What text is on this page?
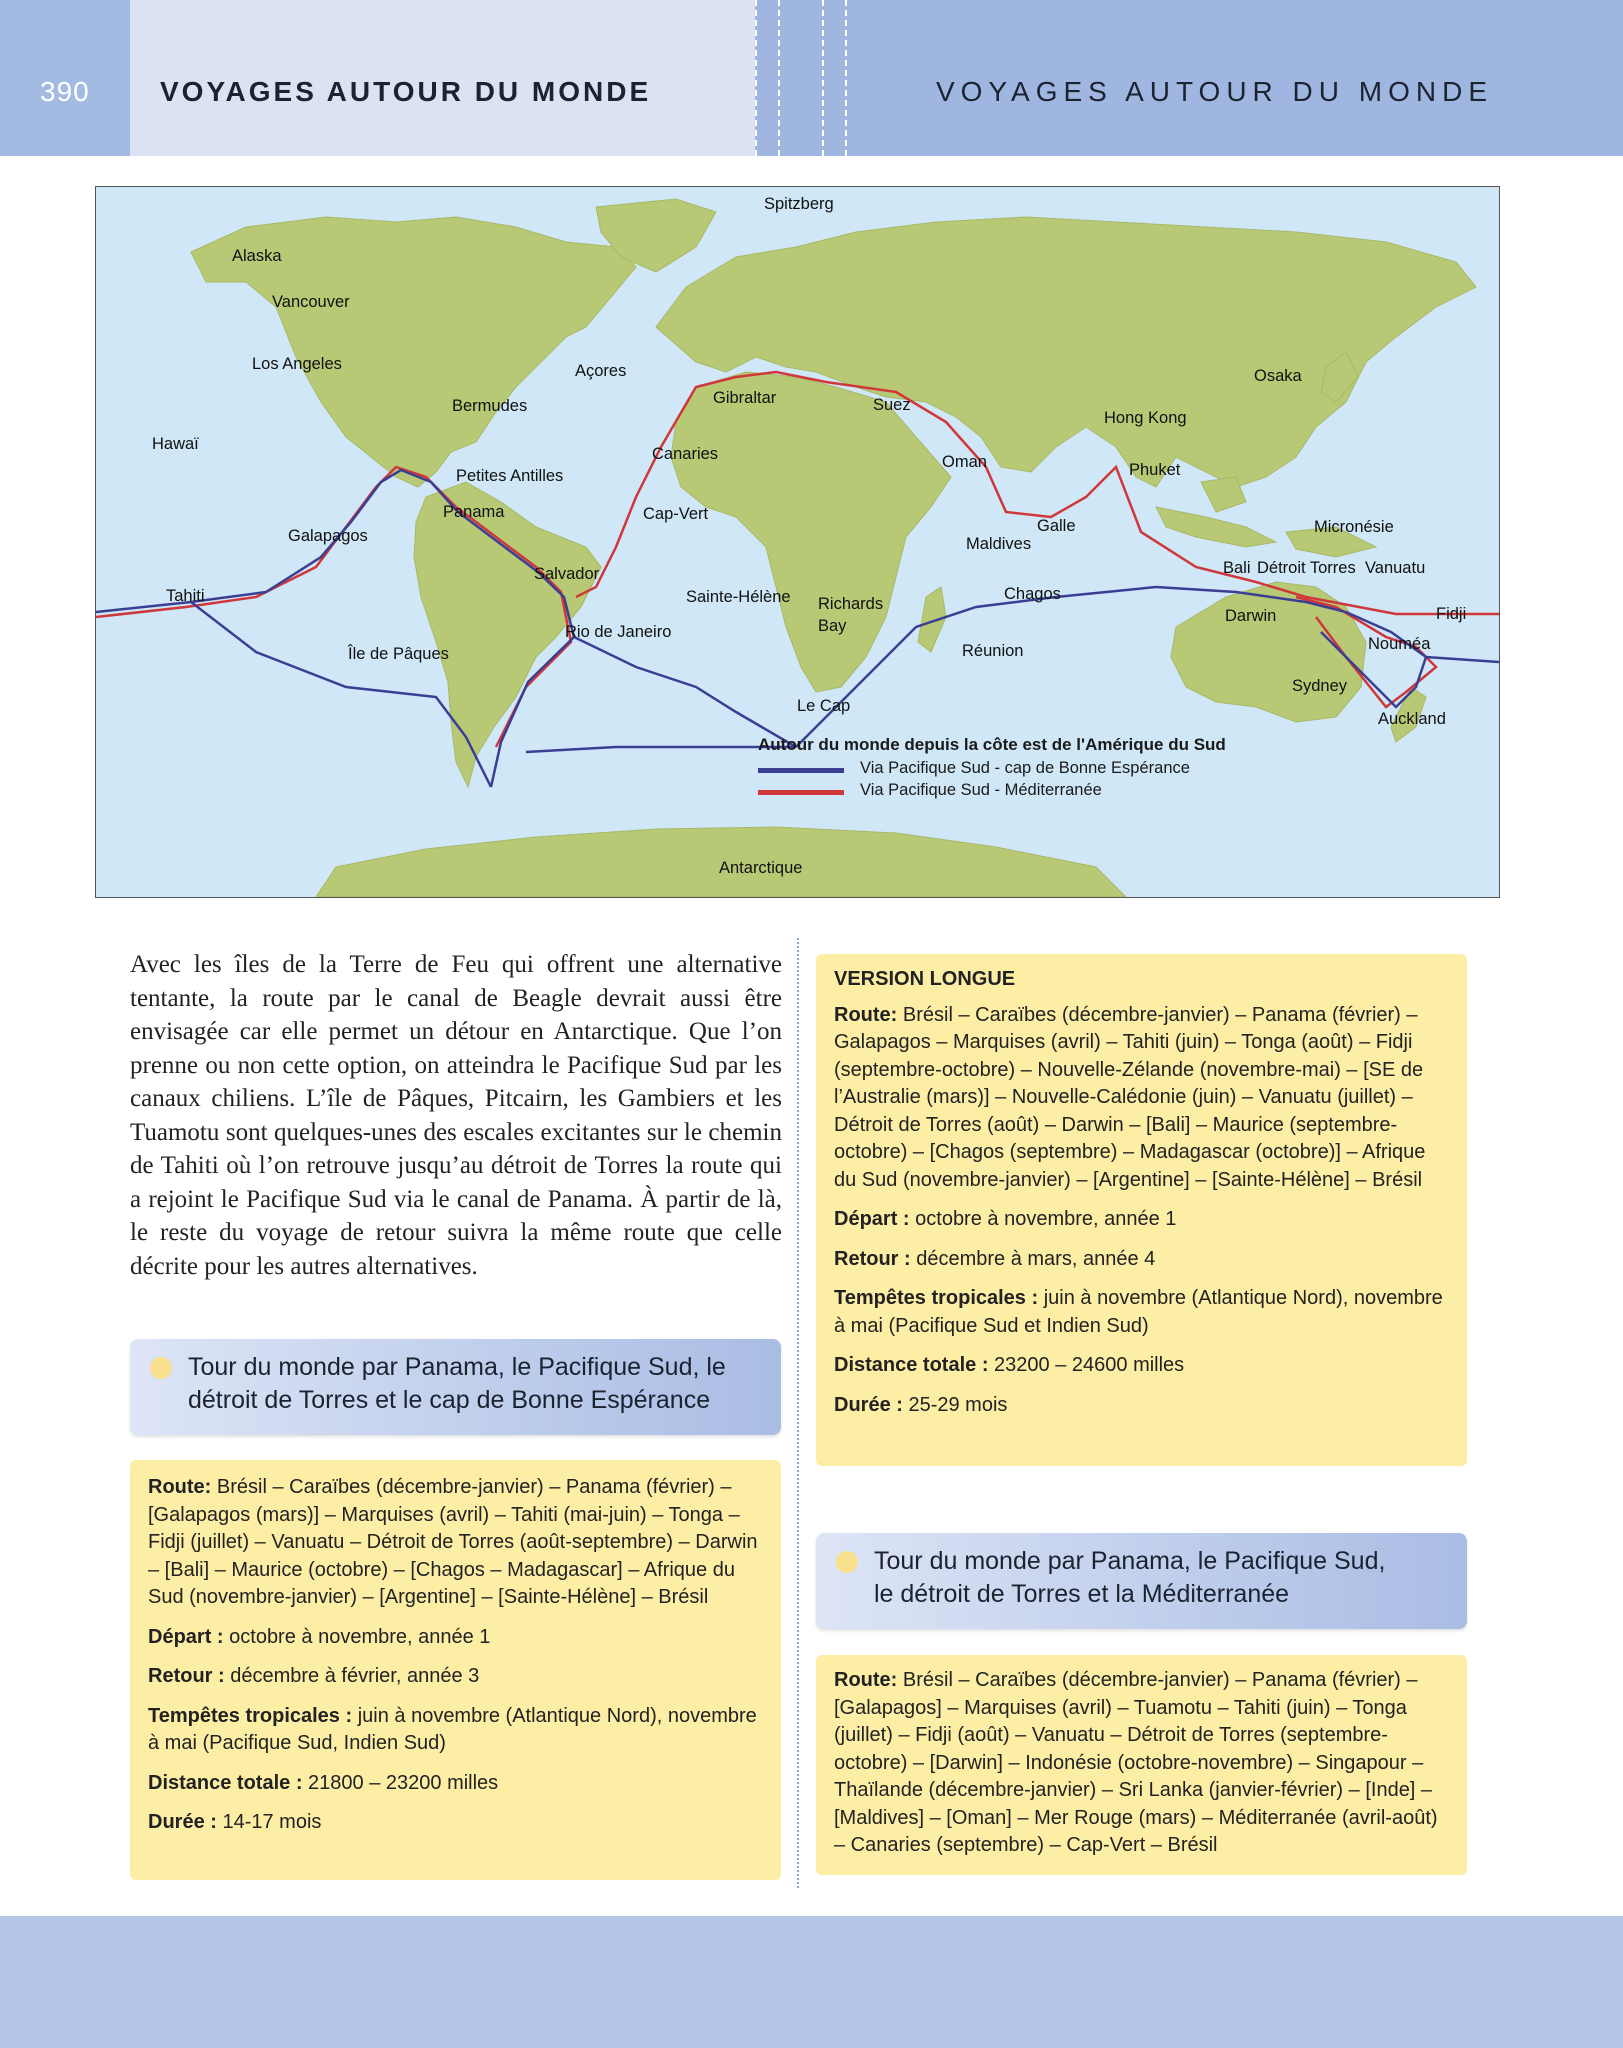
390	VOYAGES AUTOUR DU MONDE	VOYAGES AUTOUR DU MONDE
Spitzberg
Alaska
Vancouver
Los Angeles	Açores
Bermudes	Gibraltar	Suez
Osaka
Hong Kong
Hawaï
Canaries	Oman	Phuket
Petites Antilles
Panama	Cap-Vert
Galle	Micronésie
Galapagos	Maldives
Salvador	Bali Détroit Torres Vanuatu
Tahiti	Sainte-Hélène Richards Bay
Chagos
Fidji
Darwin
Rio de Janeiro
Île de Pâques	Réunion	Nouméa
Sydney
Le Cap
Auckland
Antarctique
Autour du monde depuis la côte est de l'Amérique du Sud
Via Pacifique Sud - cap de Bonne Espérance
Via Pacifique Sud - Méditerranée
Avec les îles de la Terre de Feu qui offrent une alternative tentante, la route par le canal de Beagle devrait aussi être envisagée car elle permet un détour en Antarctique. Que l’on prenne ou non cette option, on atteindra le Pacifique Sud par les canaux chiliens. L’île de Pâques, Pitcairn, les Gambiers et les Tuamotu sont quelques-unes des escales excitantes sur le chemin de Tahiti où l’on retrouve jusqu’au détroit de Torres la route qui a rejoint le Pacifique Sud via le canal de Panama. À partir de là, le reste du voyage de retour suivra la même route que celle décrite pour les autres alternatives.
Tour du monde par Panama, le Pacifique Sud, le
détroit de Torres et le cap de Bonne Espérance

Route: Brésil – Caraïbes (décembre-janvier) – Panama (février) – [Galapagos (mars)] – Marquises (avril) – Tahiti (mai-juin) – Tonga – Fidji (juillet) – Vanuatu – Détroit de Torres (août-septembre) – Darwin – [Bali] – Maurice (octobre) – [Chagos – Madagascar] – Afrique du Sud (novembre-janvier) – [Argentine] – [Sainte-Hélène] – Brésil

Départ : octobre à novembre, année 1

Retour : décembre à février, année 3

Tempêtes tropicales : juin à novembre (Atlantique Nord), novembre à mai (Pacifique Sud, Indien Sud)

Distance totale : 21800 – 23200 milles

Durée : 14-17 mois

VERSION LONGUE

Route: Brésil – Caraïbes (décembre-janvier) – Panama (février) – Galapagos – Marquises (avril) – Tahiti (juin) – Tonga (août) – Fidji (septembre-octobre) – Nouvelle-Zélande (novembre-mai) – [SE de l’Australie (mars)] – Nouvelle-Calédonie (juin) – Vanuatu (juillet) – Détroit de Torres (août) – Darwin – [Bali] – Maurice (septembre-octobre) – [Chagos (septembre) – Madagascar (octobre)] – Afrique du Sud (novembre-janvier) – [Argentine] – [Sainte-Hélène] – Brésil

Départ : octobre à novembre, année 1

Retour : décembre à mars, année 4

Tempêtes tropicales : juin à novembre (Atlantique Nord), novembre à mai (Pacifique Sud et Indien Sud)

Distance totale : 23200 – 24600 milles

Durée : 25-29 mois

Tour du monde par Panama, le Pacifique Sud,
le détroit de Torres et la Méditerranée

Route: Brésil – Caraïbes (décembre-janvier) – Panama (février) – [Galapagos] – Marquises (avril) – Tuamotu – Tahiti (juin) – Tonga (juillet) – Fidji (août) – Vanuatu – Détroit de Torres (septembre-octobre) – [Darwin] – Indonésie (octobre-novembre) – Singapour – Thaïlande (décembre-janvier) – Sri Lanka (janvier-février) – [Inde] – [Maldives] – [Oman] – Mer Rouge (mars) – Méditerranée (avril-août) – Canaries (septembre) – Cap-Vert – Brésil
